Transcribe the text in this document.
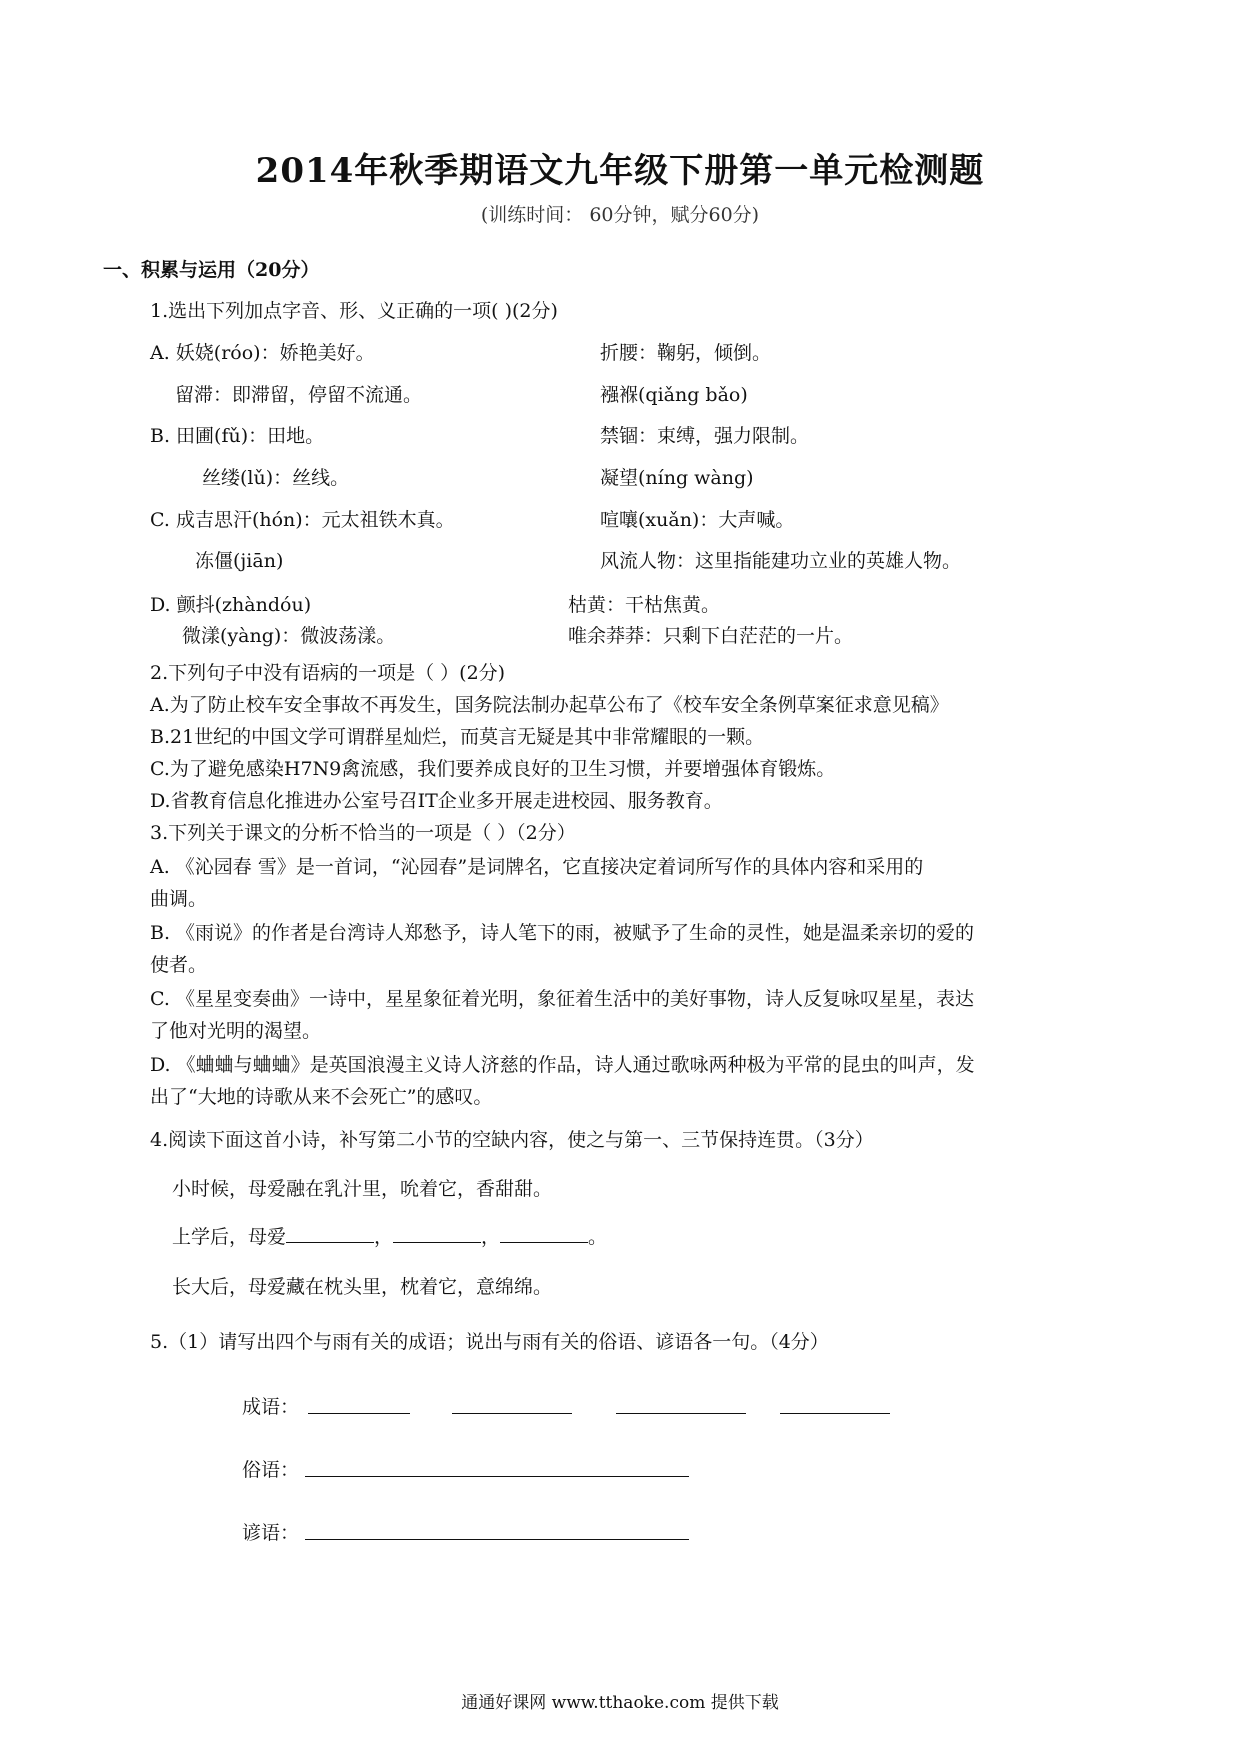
2014年秋季期语文九年级下册第一单元检测题
(训练时间： 60分钟，赋分60分)
一、积累与运用（20分）
1.选出下列加点字音、形、义正确的一项( )(2分)
A. 妖娆(róo)：娇艳美好。	折腰：鞠躬，倾倒。
留滞：即滞留，停留不流通。	襁褓(qiǎng bǎo)
B. 田圃(fǔ)：田地。	禁锢：束缚，强力限制。
丝缕(lǔ)：丝线。	凝望(níng wàng)
C. 成吉思汗(hón)：元太祖铁木真。	喧嚷(xuǎn)：大声喊。
冻僵(jiān)	风流人物：这里指能建功立业的英雄人物。
D. 颤抖(zhàndóu)	枯黄：干枯焦黄。
微漾(yàng)：微波荡漾。	唯余莽莽：只剩下白茫茫的一片。
2.下列句子中没有语病的一项是（ ）(2分)
A.为了防止校车安全事故不再发生，国务院法制办起草公布了《校车安全条例草案征求意见稿》
B.21世纪的中国文学可谓群星灿烂，而莫言无疑是其中非常耀眼的一颗。
C.为了避免感染H7N9禽流感，我们要养成良好的卫生习惯，并要增强体育锻炼。
D.省教育信息化推进办公室号召IT企业多开展走进校园、服务教育。
3.下列关于课文的分析不恰当的一项是（ ）（2分）
A. 《沁园春 雪》是一首词，“沁园春”是词牌名，它直接决定着词所写作的具体内容和采用的
曲调。
B. 《雨说》的作者是台湾诗人郑愁予，诗人笔下的雨，被赋予了生命的灵性，她是温柔亲切的爱的
使者。
C. 《星星变奏曲》一诗中，星星象征着光明，象征着生活中的美好事物，诗人反复咏叹星星，表达
了他对光明的渴望。
D. 《蛐蛐与蛐蛐》是英国浪漫主义诗人济慈的作品，诗人通过歌咏两种极为平常的昆虫的叫声，发
出了“大地的诗歌从来不会死亡”的感叹。
4.阅读下面这首小诗，补写第二小节的空缺内容，使之与第一、三节保持连贯。（3分）
小时候，母爱融在乳汁里，吮着它，香甜甜。
上学后，母爱	，	，	。
长大后，母爱藏在枕头里，枕着它，意绵绵。
5.（1）请写出四个与雨有关的成语；说出与雨有关的俗语、谚语各一句。（4分）
成语：
俗语：
谚语：
通通好课网 www.tthaoke.com 提供下载
